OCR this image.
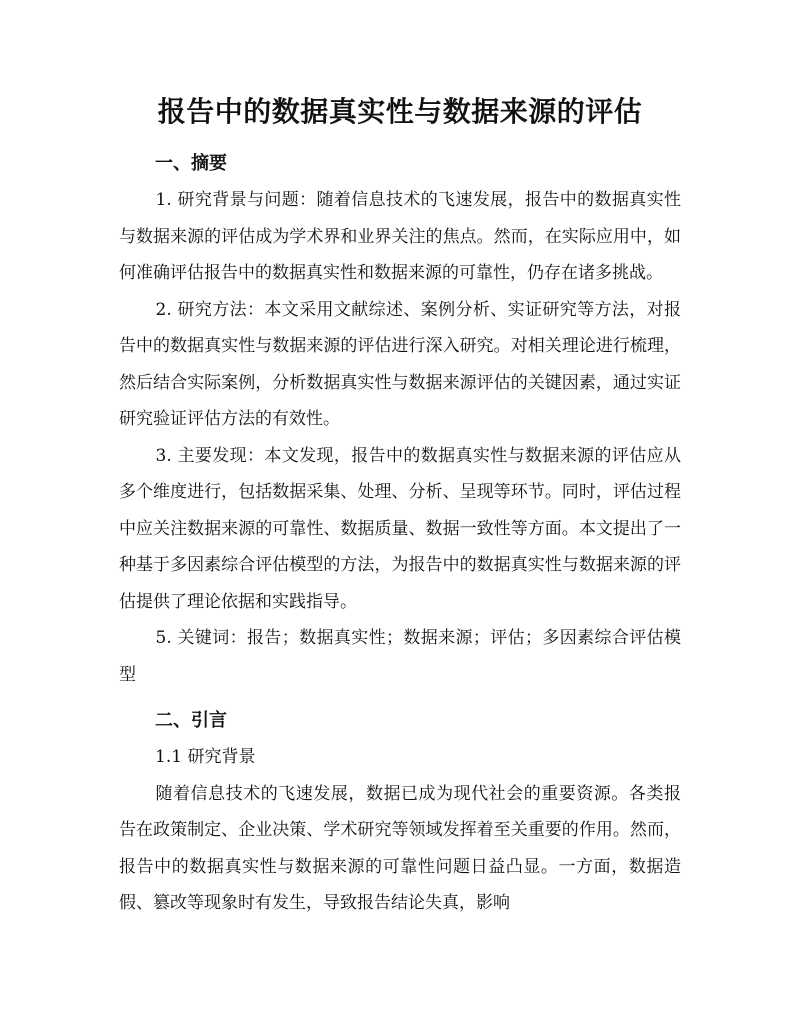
报告中的数据真实性与数据来源的评估
一、摘要

1. 研究背景与问题：随着信息技术的飞速发展，报告中的数据真实性与数据来源的评估成为学术界和业界关注的焦点。然而，在实际应用中，如何准确评估报告中的数据真实性和数据来源的可靠性，仍存在诸多挑战。

2. 研究方法：本文采用文献综述、案例分析、实证研究等方法，对报告中的数据真实性与数据来源的评估进行深入研究。对相关理论进行梳理，然后结合实际案例，分析数据真实性与数据来源评估的关键因素，通过实证研究验证评估方法的有效性。

3. 主要发现：本文发现，报告中的数据真实性与数据来源的评估应从多个维度进行，包括数据采集、处理、分析、呈现等环节。同时，评估过程中应关注数据来源的可靠性、数据质量、数据一致性等方面。本文提出了一种基于多因素综合评估模型的方法，为报告中的数据真实性与数据来源的评估提供了理论依据和实践指导。

5. 关键词：报告；数据真实性；数据来源；评估；多因素综合评估模型

二、引言
1.1 研究背景

随着信息技术的飞速发展，数据已成为现代社会的重要资源。各类报告在政策制定、企业决策、学术研究等领域发挥着至关重要的作用。然而，报告中的数据真实性与数据来源的可靠性问题日益凸显。一方面，数据造假、篡改等现象时有发生，导致报告结论失真，影响
